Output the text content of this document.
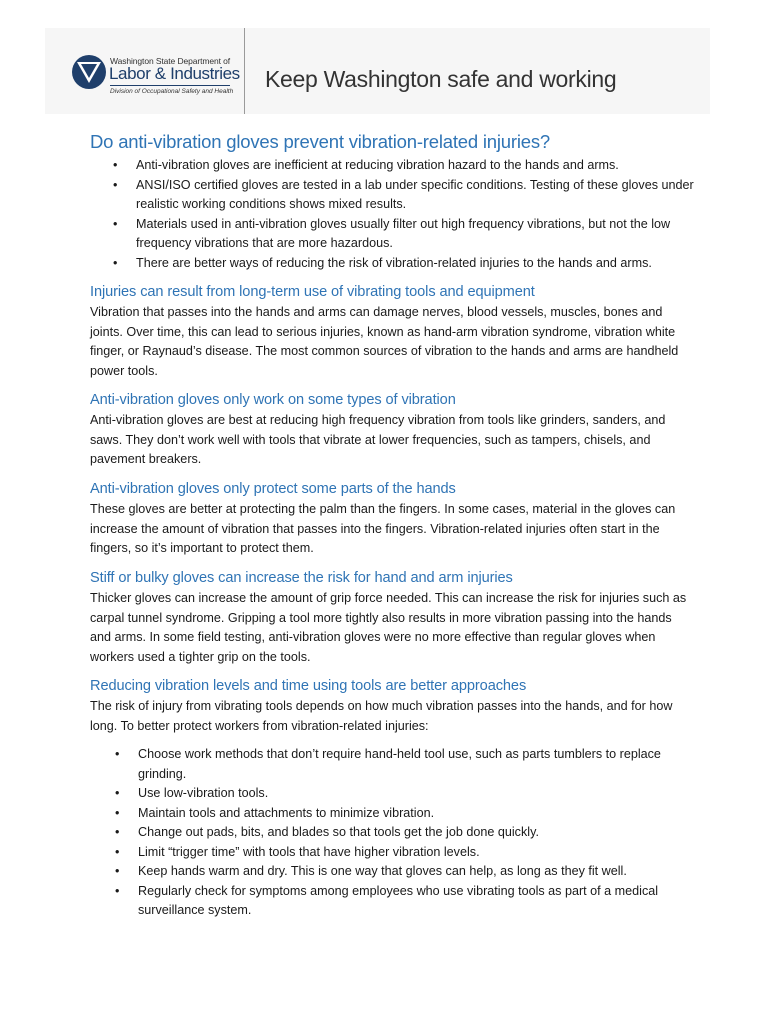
Washington State Department of
Labor & Industries
Division of Occupational Safety and Health Keep Washington safe and working
Do anti-vibration gloves prevent vibration-related injuries?
• Anti-vibration gloves are inefficient at reducing vibration hazard to the hands and arms.
• ANSI/ISO certified gloves are tested in a lab under specific conditions. Testing of these gloves under realistic working conditions shows mixed results.
• Materials used in anti-vibration gloves usually filter out high frequency vibrations, but not the low frequency vibrations that are more hazardous.
• There are better ways of reducing the risk of vibration-related injuries to the hands and arms.
Injuries can result from long-term use of vibrating tools and equipment

Vibration that passes into the hands and arms can damage nerves, blood vessels, muscles, bones and joints. Over time, this can lead to serious injuries, known as hand-arm vibration syndrome, vibration white finger, or Raynaud’s disease. The most common sources of vibration to the hands and arms are handheld power tools.

Anti-vibration gloves only work on some types of vibration

Anti-vibration gloves are best at reducing high frequency vibration from tools like grinders, sanders, and saws. They don’t work well with tools that vibrate at lower frequencies, such as tampers, chisels, and pavement breakers.

Anti-vibration gloves only protect some parts of the hands

These gloves are better at protecting the palm than the fingers. In some cases, material in the gloves can increase the amount of vibration that passes into the fingers. Vibration-related injuries often start in the fingers, so it’s important to protect them.

Stiff or bulky gloves can increase the risk for hand and arm injuries

Thicker gloves can increase the amount of grip force needed. This can increase the risk for injuries such as carpal tunnel syndrome. Gripping a tool more tightly also results in more vibration passing into the hands and arms. In some field testing, anti-vibration gloves were no more effective than regular gloves when workers used a tighter grip on the tools.

Reducing vibration levels and time using tools are better approaches

The risk of injury from vibrating tools depends on how much vibration passes into the hands, and for how long. To better protect workers from vibration-related injuries:

• Choose work methods that don’t require hand-held tool use, such as parts tumblers to replace grinding.
• Use low-vibration tools.
• Maintain tools and attachments to minimize vibration.
• Change out pads, bits, and blades so that tools get the job done quickly.
• Limit “trigger time” with tools that have higher vibration levels.
• Keep hands warm and dry. This is one way that gloves can help, as long as they fit well.
• Regularly check for symptoms among employees who use vibrating tools as part of a medical surveillance system.
